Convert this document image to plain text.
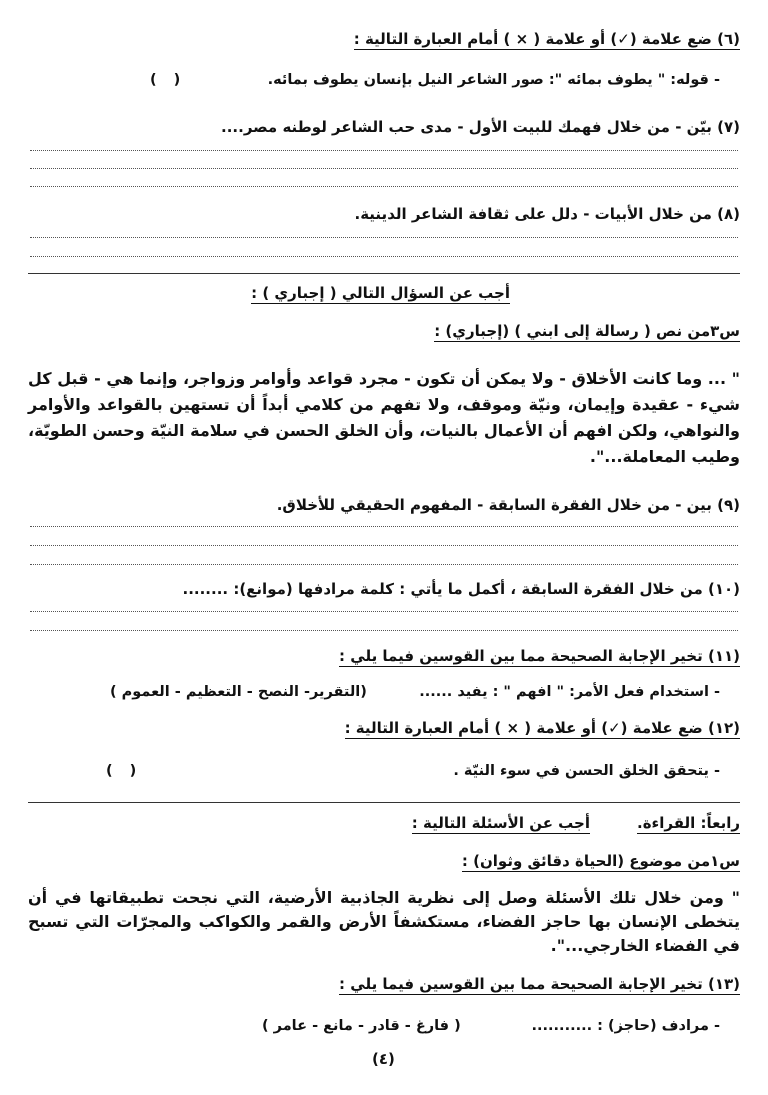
(٦) ضع علامة (✓) أو علامة ( × ) أمام العبارة التالية :
- قوله: " يطوف بمائه ": صور الشاعر النيل بإنسان يطوف بمائه.
( )
(٧) بيّن - من خلال فهمك للبيت الأول - مدى حب الشاعر لوطنه مصر....
(٨) من خلال الأبيات - دلل على ثقافة الشاعر الدينية.
أجب عن السؤال التالي ( إجباري ) :
س٣من نص ( رسالة إلى ابني ) (إجباري) :
" ... وما كانت الأخلاق - ولا يمكن أن تكون - مجرد قواعد وأوامر وزواجر، وإنما هي - قبل كل شيء - عقيدة وإيمان، ونيّة وموقف، ولا تفهم من كلامي أبداً أن تستهين بالقواعد والأوامر والنواهي، ولكن افهم أن الأعمال بالنيات، وأن الخلق الحسن في سلامة النيّة وحسن الطويّة، وطيب المعاملة...".
(٩) بين - من خلال الفقرة السابقة - المفهوم الحقيقي للأخلاق.
(١٠) من خلال الفقرة السابقة ، أكمل ما يأتي : كلمة مرادفها (موانع): ........
(١١) تخير الإجابة الصحيحة مما بين القوسين فيما يلي :
- استخدام فعل الأمر: " افهم " : يفيد ......
(التقرير- النصح - التعظيم - العموم )
(١٢) ضع علامة (✓) أو علامة ( × ) أمام العبارة التالية :
- يتحقق الخلق الحسن في سوء النيّة .
( )
رابعاً: القراءة.
أجب عن الأسئلة التالية :
س١من موضوع (الحياة دقائق وثوان) :
" ومن خلال تلك الأسئلة وصل إلى نظرية الجاذبية الأرضية، التي نجحت تطبيقاتها في أن يتخطى الإنسان بها حاجز الفضاء، مستكشفاً الأرض والقمر والكواكب والمجرّات التي تسبح في الفضاء الخارجي...".
(١٣) تخير الإجابة الصحيحة مما بين القوسين فيما يلي :
- مرادف (حاجز) : ...........
( فارغ - قادر - مانع - عامر )
(٤)
